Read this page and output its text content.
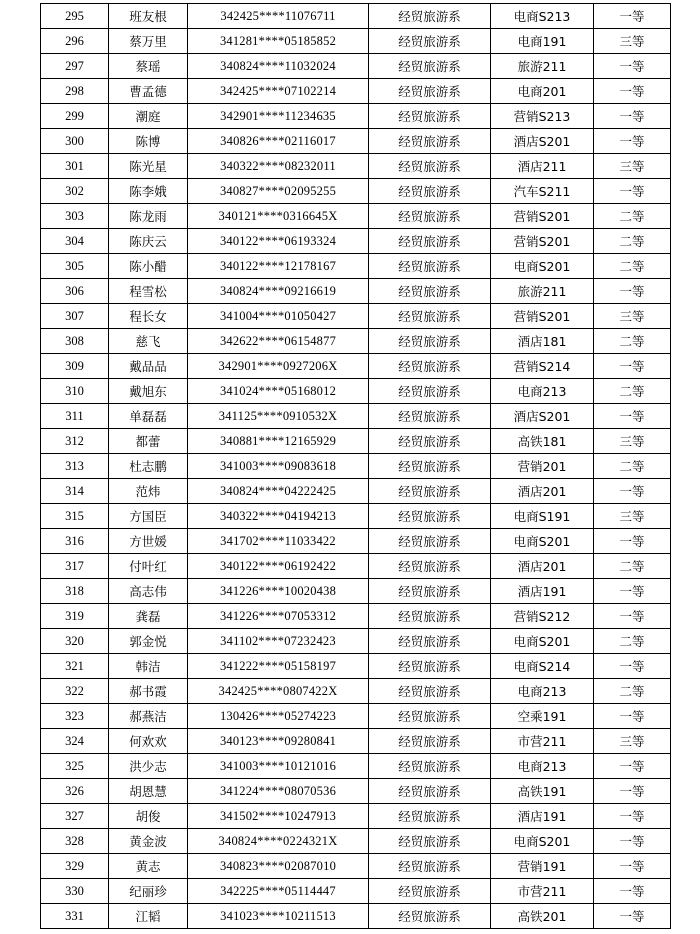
295	班友根	342425****11076711	经贸旅游系	电商S213	一等
296	蔡万里	341281****05185852	经贸旅游系	电商191	三等
297	蔡瑶	340824****11032024	经贸旅游系	旅游211	一等
298	曹孟德	342425****07102214	经贸旅游系	电商201	一等
299	潮庭	342901****11234635	经贸旅游系	营销S213	一等
300	陈博	340826****02116017	经贸旅游系	酒店S201	一等
301	陈光星	340322****08232011	经贸旅游系	酒店211	三等
302	陈李娥	340827****02095255	经贸旅游系	汽车S211	一等
303	陈龙雨	340121****0316645X	经贸旅游系	营销S201	二等
304	陈庆云	340122****06193324	经贸旅游系	营销S201	二等
305	陈小醋	340122****12178167	经贸旅游系	电商S201	二等
306	程雪松	340824****09216619	经贸旅游系	旅游211	一等
307	程长女	341004****01050427	经贸旅游系	营销S201	三等
308	慈飞	342622****06154877	经贸旅游系	酒店181	二等
309	戴品品	342901****0927206X	经贸旅游系	营销S214	一等
310	戴旭东	341024****05168012	经贸旅游系	电商213	二等
311	单磊磊	341125****0910532X	经贸旅游系	酒店S201	一等
312	都蕾	340881****12165929	经贸旅游系	高铁181	三等
313	杜志鹏	341003****09083618	经贸旅游系	营销201	二等
314	范炜	340824****04222425	经贸旅游系	酒店201	一等
315	方国臣	340322****04194213	经贸旅游系	电商S191	三等
316	方世媛	341702****11033422	经贸旅游系	电商S201	一等
317	付叶红	340122****06192422	经贸旅游系	酒店201	二等
318	高志伟	341226****10020438	经贸旅游系	酒店191	一等
319	龚磊	341226****07053312	经贸旅游系	营销S212	一等
320	郭金悦	341102****07232423	经贸旅游系	电商S201	二等
321	韩洁	341222****05158197	经贸旅游系	电商S214	一等
322	郝书霞	342425****0807422X	经贸旅游系	电商213	二等
323	郝燕洁	130426****05274223	经贸旅游系	空乘191	一等
324	何欢欢	340123****09280841	经贸旅游系	市营211	三等
325	洪少志	341003****10121016	经贸旅游系	电商213	一等
326	胡恩慧	341224****08070536	经贸旅游系	高铁191	一等
327	胡俊	341502****10247913	经贸旅游系	酒店191	一等
328	黄金波	340824****0224321X	经贸旅游系	电商S201	一等
329	黄志	340823****02087010	经贸旅游系	营销191	一等
330	纪丽珍	342225****05114447	经贸旅游系	市营211	一等
331	江韬	341023****10211513	经贸旅游系	高铁201	一等
